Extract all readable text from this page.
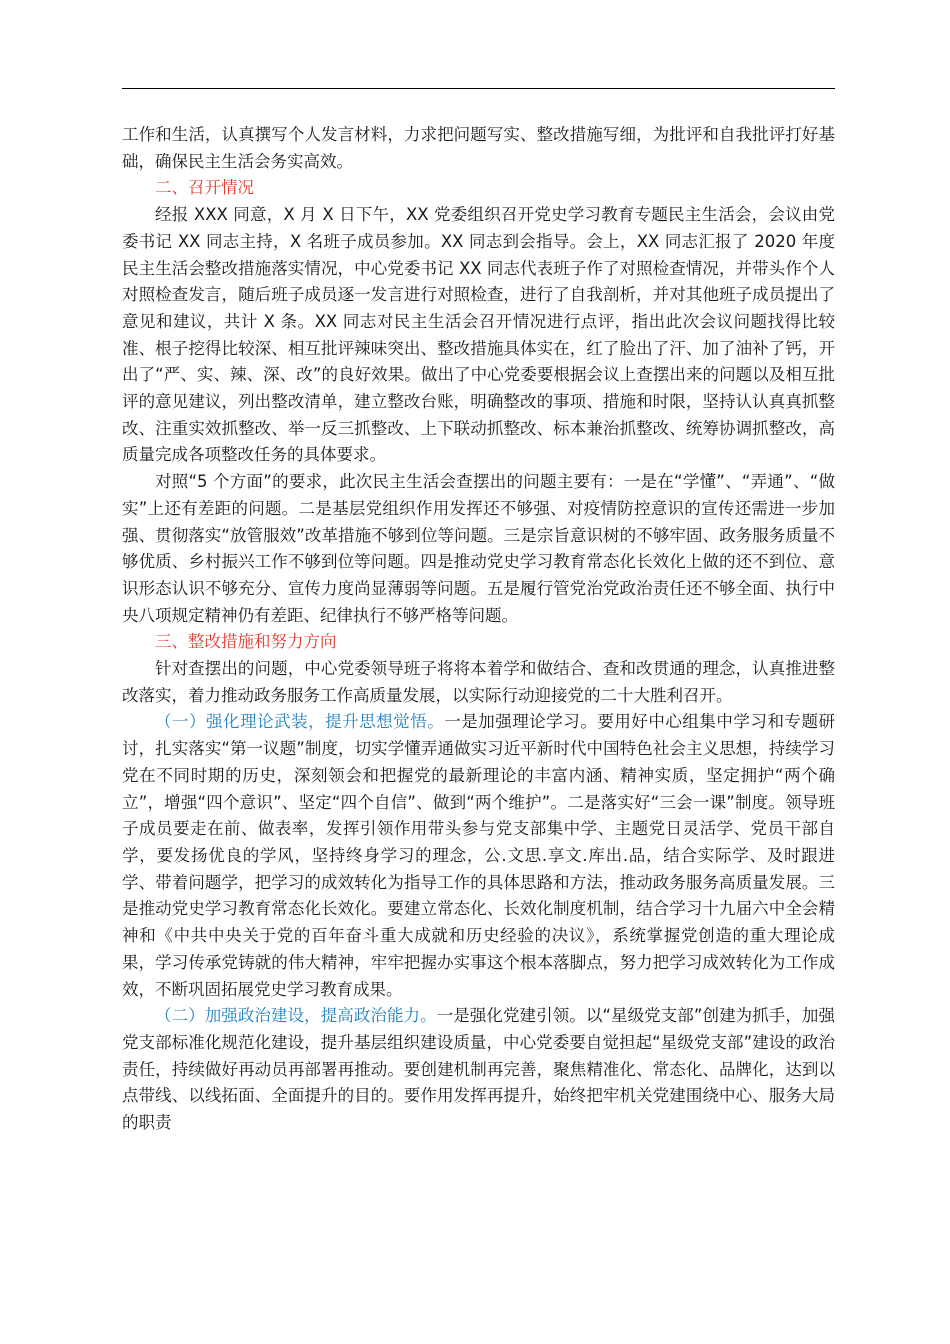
工作和生活，认真撰写个人发言材料，力求把问题写实、整改措施写细，为批评和自我批评打好基础，确保民主生活会务实高效。

二、召开情况

经报 XXX 同意，X 月 X 日下午，XX 党委组织召开党史学习教育专题民主生活会，会议由党委书记 XX 同志主持，X 名班子成员参加。XX 同志到会指导。会上，XX 同志汇报了 2020 年度民主生活会整改措施落实情况，中心党委书记 XX 同志代表班子作了对照检查情况，并带头作个人对照检查发言，随后班子成员逐一发言进行对照检查，进行了自我剖析，并对其他班子成员提出了意见和建议，共计 X 条。XX 同志对民主生活会召开情况进行点评，指出此次会议问题找得比较准、根子挖得比较深、相互批评辣味突出、整改措施具体实在，红了脸出了汗、加了油补了钙，开出了“严、实、辣、深、改”的良好效果。做出了中心党委要根据会议上查摆出来的问题以及相互批评的意见建议，列出整改清单，建立整改台账，明确整改的事项、措施和时限，坚持认认真真抓整改、注重实效抓整改、举一反三抓整改、上下联动抓整改、标本兼治抓整改、统筹协调抓整改，高质量完成各项整改任务的具体要求。

对照“5 个方面”的要求，此次民主生活会查摆出的问题主要有：一是在“学懂”、“弄通”、“做实”上还有差距的问题。二是基层党组织作用发挥还不够强、对疫情防控意识的宣传还需进一步加强、贯彻落实“放管服效”改革措施不够到位等问题。三是宗旨意识树的不够牢固、政务服务质量不够优质、乡村振兴工作不够到位等问题。四是推动党史学习教育常态化长效化上做的还不到位、意识形态认识不够充分、宣传力度尚显薄弱等问题。五是履行管党治党政治责任还不够全面、执行中央八项规定精神仍有差距、纪律执行不够严格等问题。

三、整改措施和努力方向

针对查摆出的问题，中心党委领导班子将将本着学和做结合、查和改贯通的理念，认真推进整改落实，着力推动政务服务工作高质量发展，以实际行动迎接党的二十大胜利召开。

（一）强化理论武装，提升思想觉悟。一是加强理论学习。要用好中心组集中学习和专题研讨，扎实落实“第一议题”制度，切实学懂弄通做实习近平新时代中国特色社会主义思想，持续学习党在不同时期的历史，深刻领会和把握党的最新理论的丰富内涵、精神实质，坚定拥护“两个确立”，增强“四个意识”、坚定“四个自信”、做到“两个维护”。二是落实好“三会一课”制度。领导班子成员要走在前、做表率，发挥引领作用带头参与党支部集中学、主题党日灵活学、党员干部自学，要发扬优良的学风，坚持终身学习的理念，公.文思.享文.库出.品，结合实际学、及时跟进学、带着问题学，把学习的成效转化为指导工作的具体思路和方法，推动政务服务高质量发展。三是推动党史学习教育常态化长效化。要建立常态化、长效化制度机制，结合学习十九届六中全会精神和《中共中央关于党的百年奋斗重大成就和历史经验的决议》，系统掌握党创造的重大理论成果，学习传承党铸就的伟大精神，牢牢把握办实事这个根本落脚点，努力把学习成效转化为工作成效，不断巩固拓展党史学习教育成果。

（二）加强政治建设，提高政治能力。一是强化党建引领。以“星级党支部”创建为抓手，加强党支部标准化规范化建设，提升基层组织建设质量，中心党委要自觉担起“星级党支部”建设的政治责任，持续做好再动员再部署再推动。要创建机制再完善，聚焦精准化、常态化、品牌化，达到以点带线、以线拓面、全面提升的目的。要作用发挥再提升，始终把牢机关党建围绕中心、服务大局的职责
